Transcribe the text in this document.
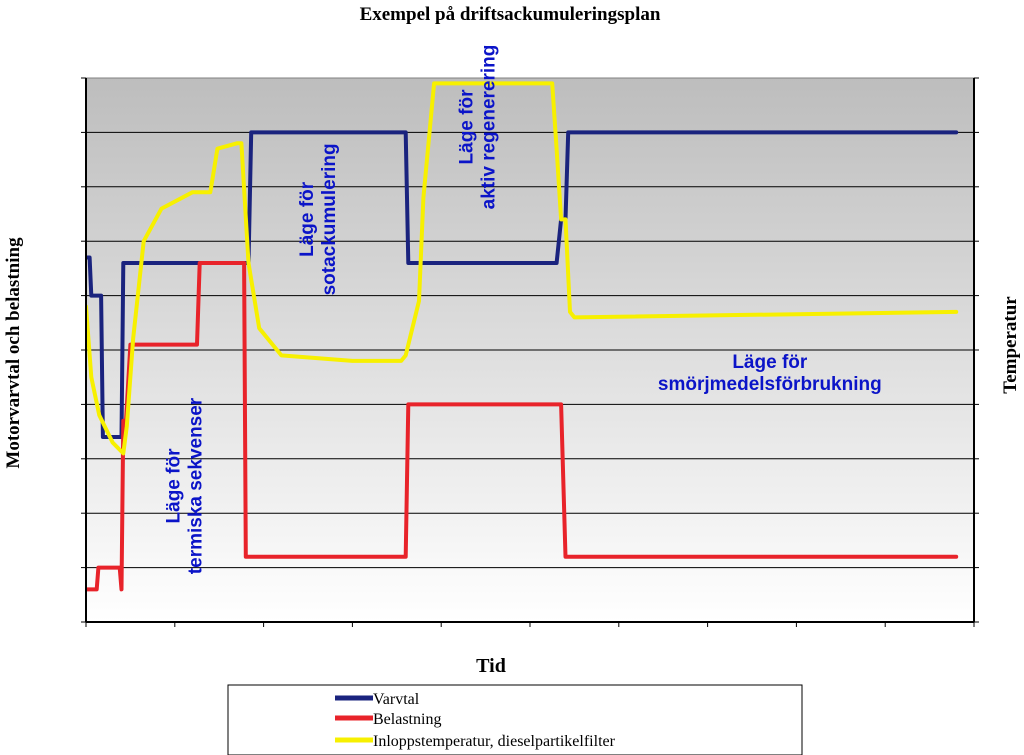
Exempel på driftsackumuleringsplan
Läge förtermiska sekvenser
Läge försotackumulering
Läge föraktiv regenerering
Läge för smörjmedelsförbrukning
Tid
Motorvarvtal och belastning	Temperatur
Varvtal
Belastning
Inloppstemperatur, dieselpartikelfilter
